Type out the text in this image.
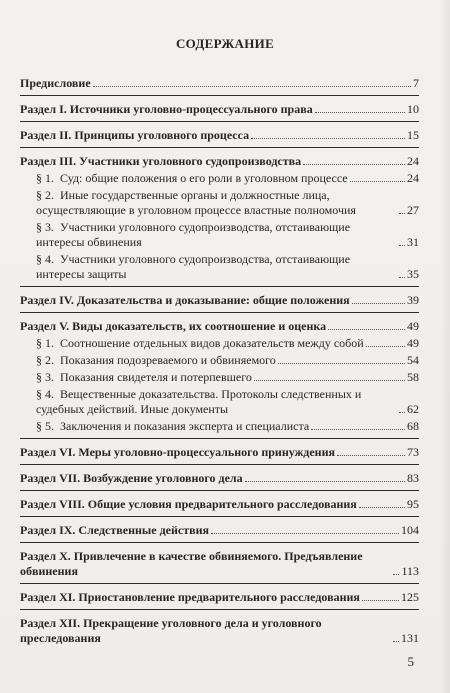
СОДЕРЖАНИЕ
Предисловие	7
Раздел I. Источники уголовно-процессуального права	10
Раздел II. Принципы уголовного процесса	15
Раздел III. Участники уголовного судопроизводства	24
§ 1. Суд: общие положения о его роли в уголовном процессе	24
§ 2. Иные государственные органы и должностные лица, осуществляющие в уголовном процессе властные полномочия	27
§ 3. Участники уголовного судопроизводства, отстаивающие интересы обвинения	31
§ 4. Участники уголовного судопроизводства, отстаивающие интересы защиты	35
Раздел IV. Доказательства и доказывание: общие положения	39
Раздел V. Виды доказательств, их соотношение и оценка	49
§ 1. Соотношение отдельных видов доказательств между собой	49
§ 2. Показания подозреваемого и обвиняемого	54
§ 3. Показания свидетеля и потерпевшего	58
§ 4. Вещественные доказательства. Протоколы следственных и судебных действий. Иные документы	62
§ 5. Заключения и показания эксперта и специалиста	68
Раздел VI. Меры уголовно-процессуального принуждения	73
Раздел VII. Возбуждение уголовного дела	83
Раздел VIII. Общие условия предварительного расследования	95
Раздел IX. Следственные действия	104
Раздел X. Привлечение в качестве обвиняемого. Предъявление обвинения	113
Раздел XI. Приостановление предварительного расследования	125
Раздел XII. Прекращение уголовного дела и уголовного преследования	131
5
